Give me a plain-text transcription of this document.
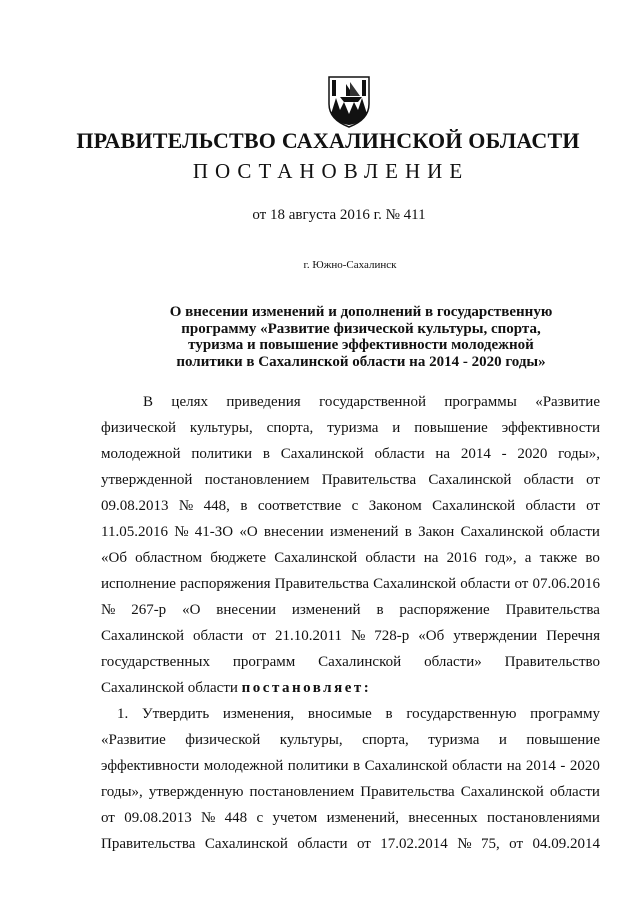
ПРАВИТЕЛЬСТВО САХАЛИНСКОЙ ОБЛАСТИ
ПОСТАНОВЛЕНИЕ
от 18 августа 2016 г. № 411
г. Южно-Сахалинск
О внесении изменений и дополнений в государственную
программу «Развитие физической культуры, спорта,
туризма и повышение эффективности молодежной
политики в Сахалинской области на 2014 - 2020 годы»
В целях приведения государственной программы «Развитие
физической культуры, спорта, туризма и повышение эффективности
молодежной политики в Сахалинской области на 2014 - 2020 годы»,
утвержденной постановлением Правительства Сахалинской области от
09.08.2013 № 448, в соответствие с Законом Сахалинской области от
11.05.2016 № 41-ЗО «О внесении изменений в Закон Сахалинской области
«Об областном бюджете Сахалинской области на 2016 год», а также во
исполнение распоряжения Правительства Сахалинской области от 07.06.2016
№ 267-р «О внесении изменений в распоряжение Правительства
Сахалинской области от 21.10.2011 № 728-р «Об утверждении Перечня
государственных программ Сахалинской области» Правительство
Сахалинской области постановляет:
1. Утвердить изменения, вносимые в государственную программу
«Развитие физической культуры, спорта, туризма и повышение
эффективности молодежной политики в Сахалинской области на 2014 - 2020
годы», утвержденную постановлением Правительства Сахалинской области
от 09.08.2013 № 448 с учетом изменений, внесенных постановлениями
Правительства Сахалинской области от 17.02.2014 № 75, от 04.09.2014
